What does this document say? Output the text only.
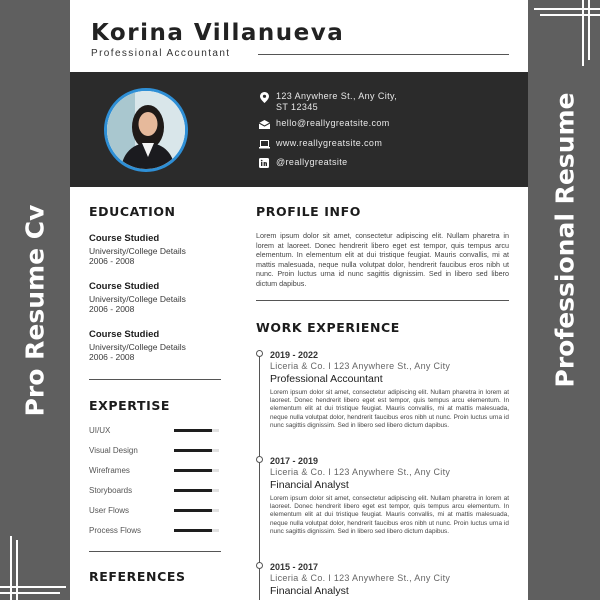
Pro Resume Cv	Professional Resume
Korina Villanueva
Professional Accountant
123 Anywhere St., Any City, ST 12345
hello@reallygreatsite.com
www.reallygreatsite.com
@reallygreatsite
EDUCATION
Course Studied
University/College Details
2006 - 2008
Course Studied
University/College Details
2006 - 2008
Course Studied
University/College Details
2006 - 2008
EXPERTISE
UI/UX
Visual Design
Wireframes
Storyboards
User Flows
Process Flows
REFERENCES
PROFILE INFO
Lorem ipsum dolor sit amet, consectetur adipiscing elit. Nullam pharetra in lorem at laoreet. Donec hendrerit libero eget est tempor, quis tempus arcu elementum. In elementum elit at dui tristique feugiat. Mauris convallis, mi at mattis malesuada, neque nulla volutpat dolor, hendrerit faucibus eros nibh ut nunc. Proin luctus urna id nunc sagittis dignissim. Sed in libero sed libero dictum dapibus.
WORK EXPERIENCE
2019 - 2022
Liceria & Co. I 123 Anywhere St., Any City
Professional Accountant
Lorem ipsum dolor sit amet, consectetur adipiscing elit. Nullam pharetra in lorem at laoreet. Donec hendrerit libero eget est tempor, quis tempus arcu elementum. In elementum elit at dui tristique feugiat. Mauris convallis, mi at mattis malesuada, neque nulla volutpat dolor, hendrerit faucibus eros nibh ut nunc. Proin luctus urna id nunc sagittis dignissim. Sed in libero sed libero dictum dapibus.
2017 - 2019
Liceria & Co. I 123 Anywhere St., Any City
Financial Analyst
Lorem ipsum dolor sit amet, consectetur adipiscing elit. Nullam pharetra in lorem at laoreet. Donec hendrerit libero eget est tempor, quis tempus arcu elementum. In elementum elit at dui tristique feugiat. Mauris convallis, mi at mattis malesuada, neque nulla volutpat dolor, hendrerit faucibus eros nibh ut nunc. Proin luctus urna id nunc sagittis dignissim. Sed in libero sed libero dictum dapibus.
2015 - 2017
Liceria & Co. I 123 Anywhere St., Any City
Financial Analyst
